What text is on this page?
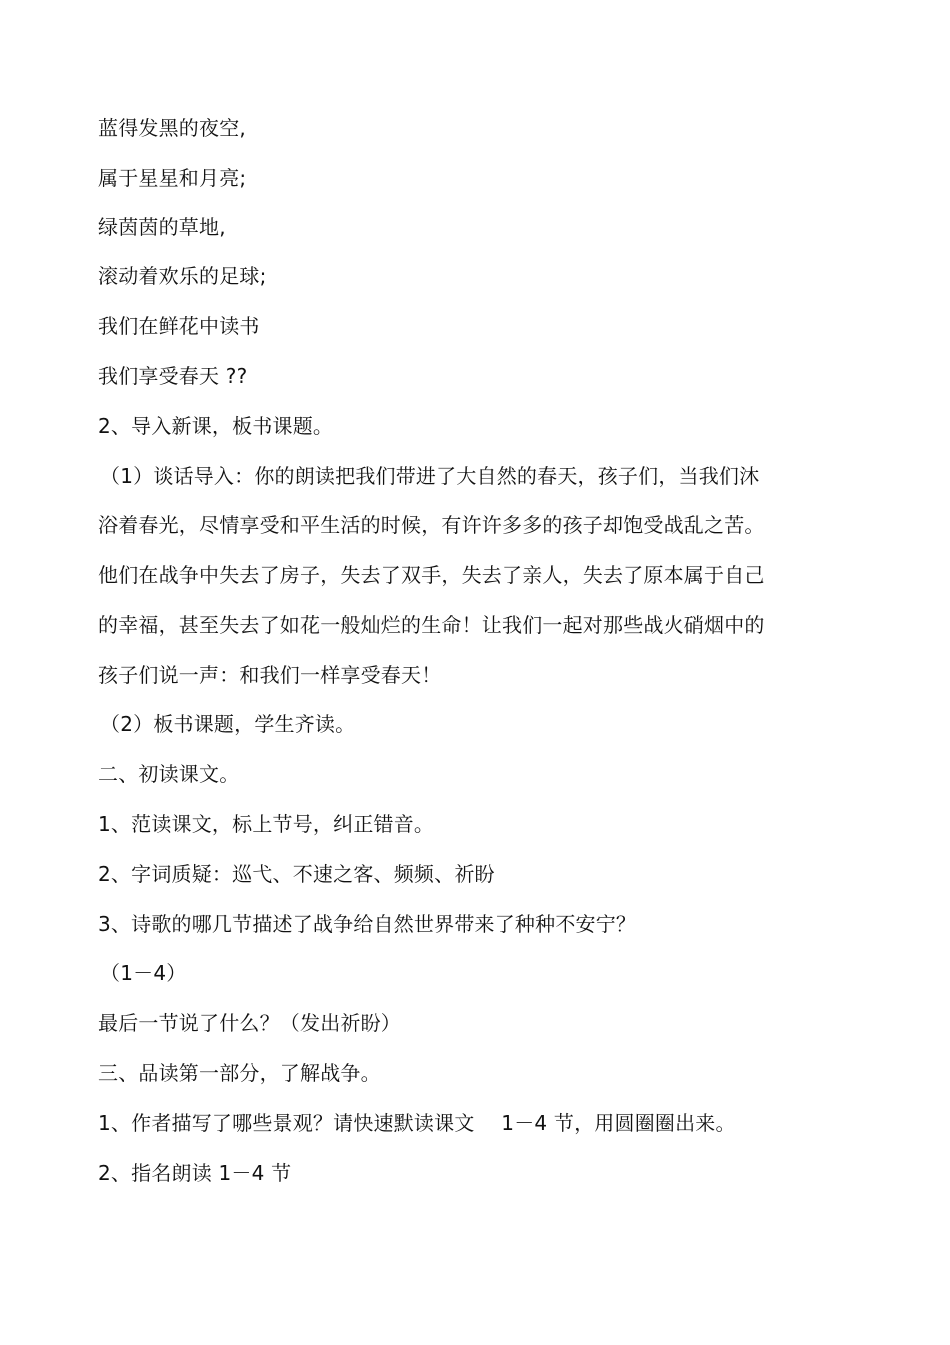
蓝得发黑的夜空,
属于星星和月亮;
绿茵茵的草地,
滚动着欢乐的足球;
我们在鲜花中读书
我们享受春天 ??
2、导入新课，板书课题。
（1）谈话导入：你的朗读把我们带进了大自然的春天，孩子们，当我们沐
浴着春光，尽情享受和平生活的时候，有许许多多的孩子却饱受战乱之苦。
他们在战争中失去了房子，失去了双手，失去了亲人，失去了原本属于自己
的幸福，甚至失去了如花一般灿烂的生命！让我们一起对那些战火硝烟中的
孩子们说一声：和我们一样享受春天！
（2）板书课题，学生齐读。
二、初读课文。
1、范读课文，标上节号，纠正错音。
2、字词质疑：巡弋、不速之客、频频、祈盼
3、诗歌的哪几节描述了战争给自然世界带来了种种不安宁？
（1－4）
最后一节说了什么？（发出祈盼）
三、品读第一部分，了解战争。
1、作者描写了哪些景观？请快速默读课文　 1－4 节，用圆圈圈出来。
2、指名朗读 1－4 节
